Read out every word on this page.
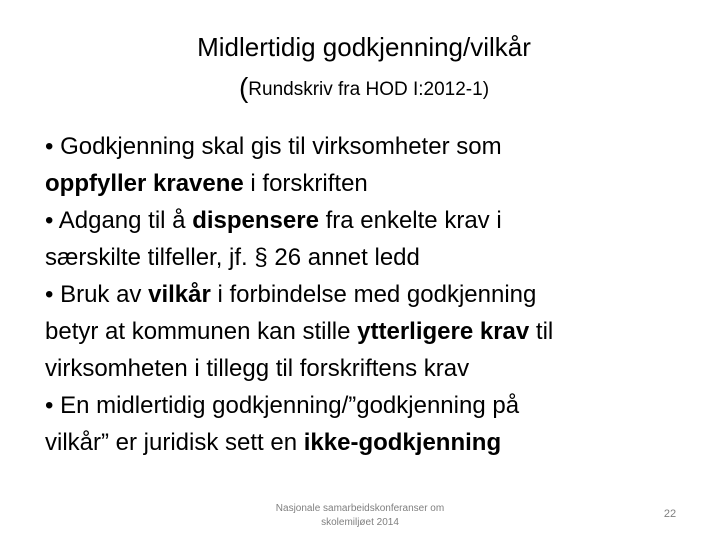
Midlertidig godkjenning/vilkår
(Rundskriv fra HOD I:2012-1)
• Godkjenning skal gis til virksomheter som
oppfyller kravene i forskriften
• Adgang til å dispensere fra enkelte krav i
særskilte tilfeller, jf. § 26 annet ledd
• Bruk av vilkår i forbindelse med godkjenning
betyr at kommunen kan stille ytterligere krav til
virksomheten i tillegg til forskriftens krav
• En midlertidig godkjenning/”godkjenning på
vilkår” er juridisk sett en ikke-godkjenning
Nasjonale samarbeidskonferanser om
skolemiljøet 2014
22
